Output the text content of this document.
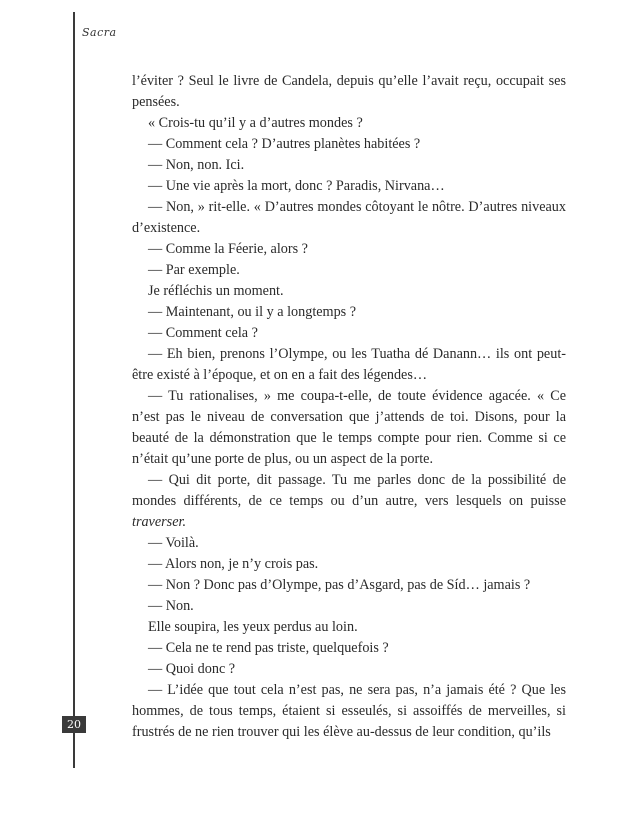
Sacra

l’éviter ? Seul le livre de Candela, depuis qu’elle l’avait reçu, occupait ses pensées.

« Crois-tu qu’il y a d’autres mondes ?

— Comment cela ? D’autres planètes habitées ?

— Non, non. Ici.

— Une vie après la mort, donc ? Paradis, Nirvana…

— Non, » rit-elle. « D’autres mondes côtoyant le nôtre. D’autres niveaux d’existence.

— Comme la Féerie, alors ?

— Par exemple.

Je réfléchis un moment.

— Maintenant, ou il y a longtemps ?

— Comment cela ?

— Eh bien, prenons l’Olympe, ou les Tuatha dé Danann… ils ont peut-être existé à l’époque, et on en a fait des légendes…

— Tu rationalises, » me coupa-t-elle, de toute évidence agacée. « Ce n’est pas le niveau de conversation que j’attends de toi. Disons, pour la beauté de la démonstration que le temps compte pour rien. Comme si ce n’était qu’une porte de plus, ou un aspect de la porte.

— Qui dit porte, dit passage. Tu me parles donc de la possibilité de mondes différents, de ce temps ou d’un autre, vers lesquels on puisse traverser.

— Voilà.

— Alors non, je n’y crois pas.

— Non ? Donc pas d’Olympe, pas d’Asgard, pas de Síd… jamais ?

— Non.

Elle soupira, les yeux perdus au loin.

— Cela ne te rend pas triste, quelquefois ?

— Quoi donc ?

— L’idée que tout cela n’est pas, ne sera pas, n’a jamais été ? Que les hommes, de tous temps, étaient si esseulés, si assoiffés de merveilles, si frustrés de ne rien trouver qui les élève au-dessus de leur condition, qu’ils

20
